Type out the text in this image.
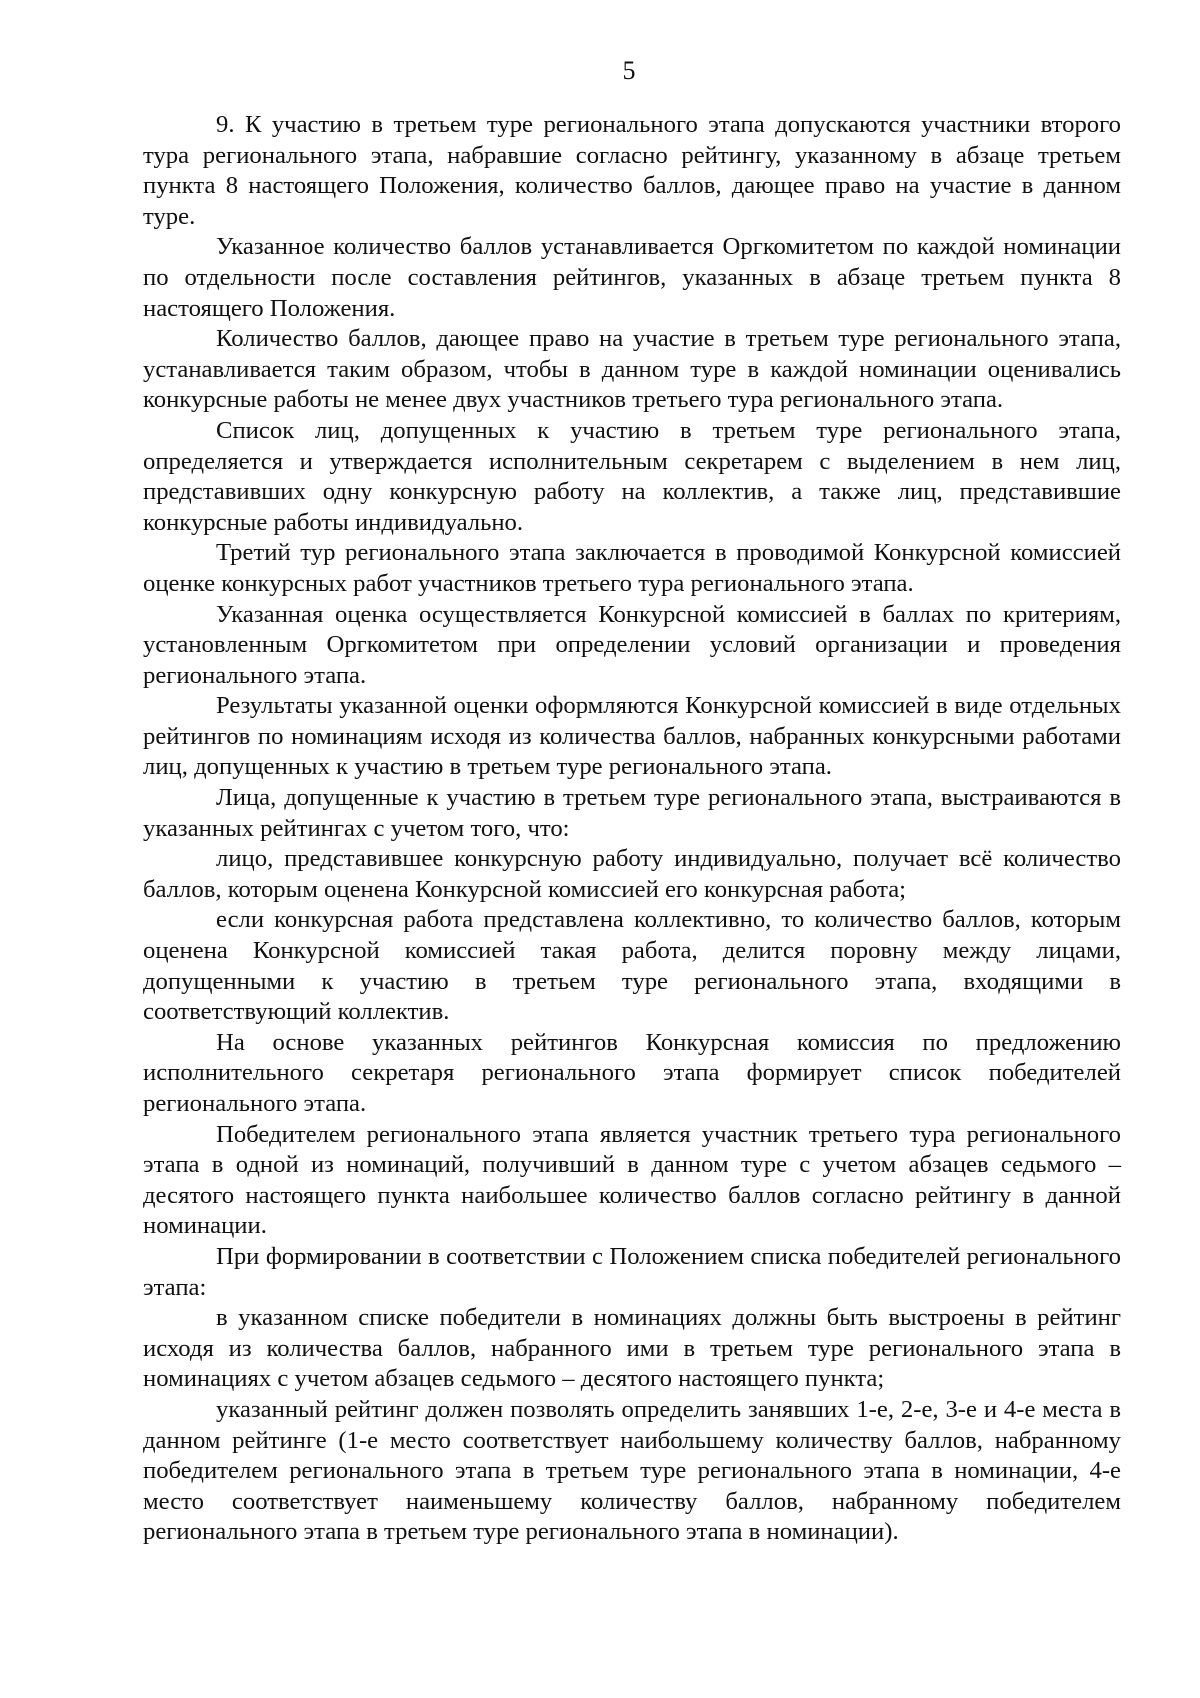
5

9. К участию в третьем туре регионального этапа допускаются участники второго тура регионального этапа, набравшие согласно рейтингу, указанному в абзаце третьем пункта 8 настоящего Положения, количество баллов, дающее право на участие в данном туре.

Указанное количество баллов устанавливается Оргкомитетом по каждой номинации по отдельности после составления рейтингов, указанных в абзаце третьем пункта 8 настоящего Положения.

Количество баллов, дающее право на участие в третьем туре регионального этапа, устанавливается таким образом, чтобы в данном туре в каждой номинации оценивались конкурсные работы не менее двух участников третьего тура регионального этапа.

Список лиц, допущенных к участию в третьем туре регионального этапа, определяется и утверждается исполнительным секретарем с выделением в нем лиц, представивших одну конкурсную работу на коллектив, а также лиц, представившие конкурсные работы индивидуально.

Третий тур регионального этапа заключается в проводимой Конкурсной комиссией оценке конкурсных работ участников третьего тура регионального этапа.

Указанная оценка осуществляется Конкурсной комиссией в баллах по критериям, установленным Оргкомитетом при определении условий организации и проведения регионального этапа.

Результаты указанной оценки оформляются Конкурсной комиссией в виде отдельных рейтингов по номинациям исходя из количества баллов, набранных конкурсными работами лиц, допущенных к участию в третьем туре регионального этапа.

Лица, допущенные к участию в третьем туре регионального этапа, выстраиваются в указанных рейтингах с учетом того, что:

лицо, представившее конкурсную работу индивидуально, получает всё количество баллов, которым оценена Конкурсной комиссией его конкурсная работа;

если конкурсная работа представлена коллективно, то количество баллов, которым оценена Конкурсной комиссией такая работа, делится поровну между лицами, допущенными к участию в третьем туре регионального этапа, входящими в соответствующий коллектив.

На основе указанных рейтингов Конкурсная комиссия по предложению исполнительного секретаря регионального этапа формирует список победителей регионального этапа.

Победителем регионального этапа является участник третьего тура регионального этапа в одной из номинаций, получивший в данном туре с учетом абзацев седьмого – десятого настоящего пункта наибольшее количество баллов согласно рейтингу в данной номинации.

При формировании в соответствии с Положением списка победителей регионального этапа:

в указанном списке победители в номинациях должны быть выстроены в рейтинг исходя из количества баллов, набранного ими в третьем туре регионального этапа в номинациях с учетом абзацев седьмого – десятого настоящего пункта;

указанный рейтинг должен позволять определить занявших 1-е, 2-е, 3-е и 4-е места в данном рейтинге (1-е место соответствует наибольшему количеству баллов, набранному победителем регионального этапа в третьем туре регионального этапа в номинации, 4-е место соответствует наименьшему количеству баллов, набранному победителем регионального этапа в третьем туре регионального этапа в номинации).
